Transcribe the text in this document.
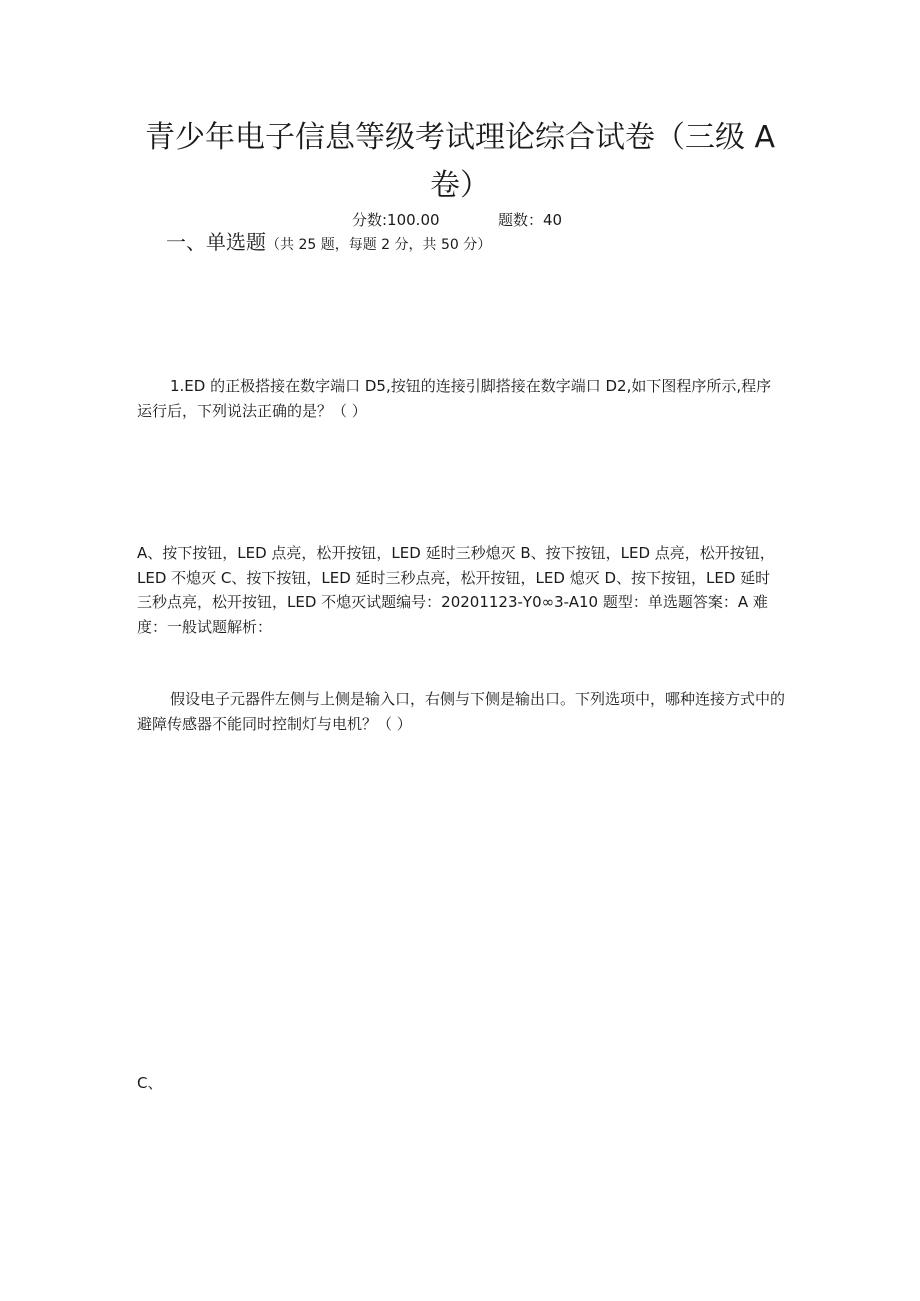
青少年电子信息等级考试理论综合试卷（三级 A
卷）
分数:100.00	题数：40
一、单选题（共 25 题，每题 2 分，共 50 分）

1.ED 的正极搭接在数字端口 D5,按钮的连接引脚搭接在数字端口 D2,如下图程序所示,程序运行后，下列说法正确的是？（ ）

A、按下按钮，LED 点亮，松开按钮，LED 延时三秒熄灭 B、按下按钮，LED 点亮，松开按钮，LED 不熄灭 C、按下按钮，LED 延时三秒点亮，松开按钮，LED 熄灭 D、按下按钮，LED 延时三秒点亮，松开按钮，LED 不熄灭试题编号：20201123-Y0∞3-A10 题型：单选题答案：A 难度：一般试题解析：

假设电子元器件左侧与上侧是输入口，右侧与下侧是输出口。下列选项中，哪种连接方式中的避障传感器不能同时控制灯与电机？（ ）

C、
